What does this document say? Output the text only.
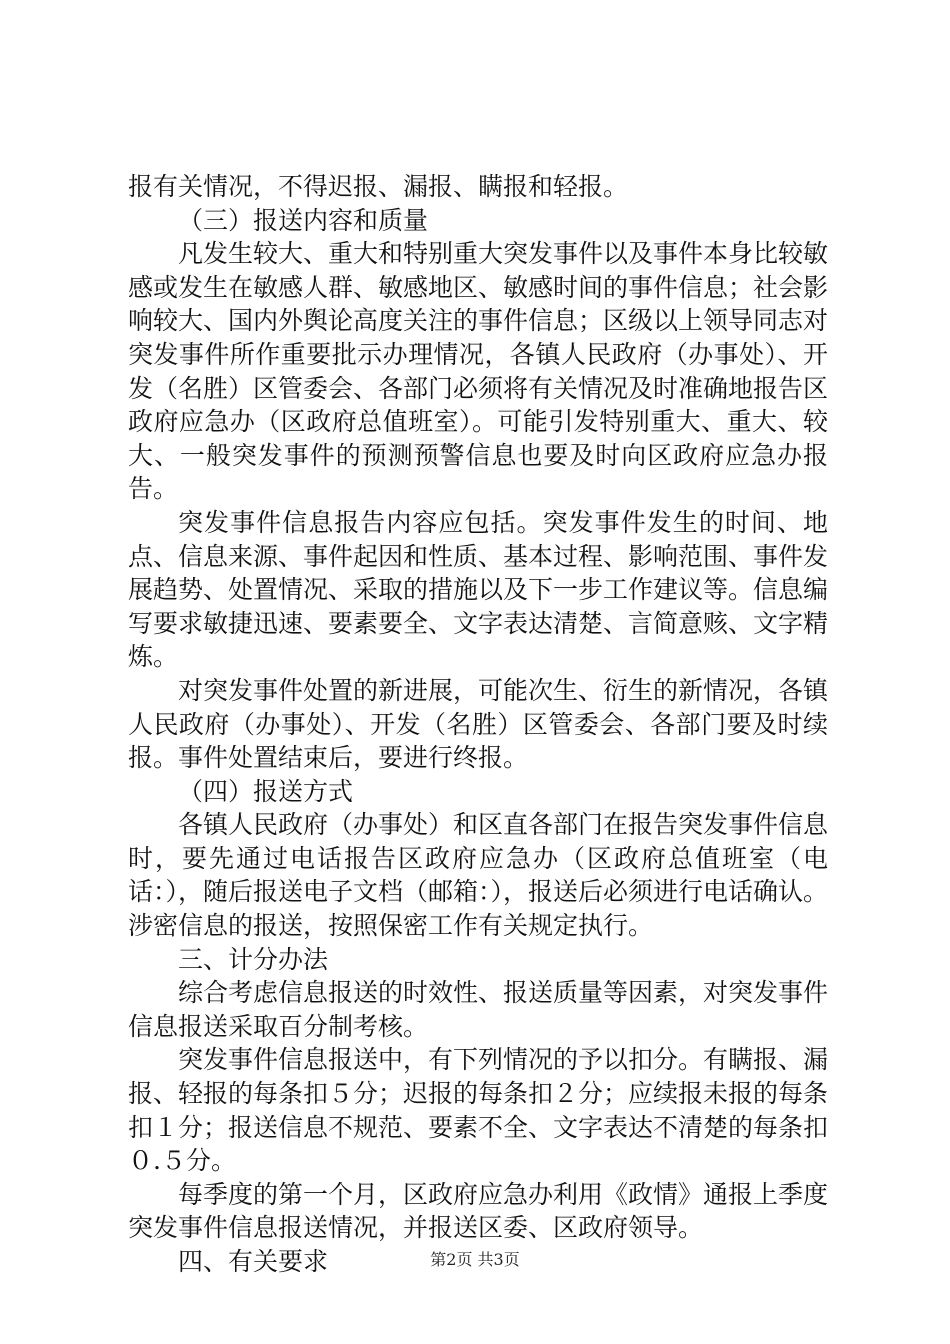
报有关情况，不得迟报、漏报、瞒报和轻报。

（三）报送内容和质量

凡发生较大、重大和特别重大突发事件以及事件本身比较敏感或发生在敏感人群、敏感地区、敏感时间的事件信息；社会影响较大、国内外舆论高度关注的事件信息；区级以上领导同志对突发事件所作重要批示办理情况，各镇人民政府（办事处）、开发（名胜）区管委会、各部门必须将有关情况及时准确地报告区政府应急办（区政府总值班室）。可能引发特别重大、重大、较大、一般突发事件的预测预警信息也要及时向区政府应急办报告。

突发事件信息报告内容应包括。突发事件发生的时间、地点、信息来源、事件起因和性质、基本过程、影响范围、事件发展趋势、处置情况、采取的措施以及下一步工作建议等。信息编写要求敏捷迅速、要素要全、文字表达清楚、言简意赅、文字精炼。

对突发事件处置的新进展，可能次生、衍生的新情况，各镇人民政府（办事处）、开发（名胜）区管委会、各部门要及时续报。事件处置结束后，要进行终报。

（四）报送方式

各镇人民政府（办事处）和区直各部门在报告突发事件信息时，要先通过电话报告区政府应急办（区政府总值班室（电话：），随后报送电子文档（邮箱：），报送后必须进行电话确认。涉密信息的报送，按照保密工作有关规定执行。

三、计分办法

综合考虑信息报送的时效性、报送质量等因素，对突发事件信息报送采取百分制考核。

突发事件信息报送中，有下列情况的予以扣分。有瞒报、漏报、轻报的每条扣５分；迟报的每条扣２分；应续报未报的每条扣１分；报送信息不规范、要素不全、文字表达不清楚的每条扣０.５分。

每季度的第一个月，区政府应急办利用《政情》通报上季度突发事件信息报送情况，并报送区委、区政府领导。

四、有关要求	第2页 共3页
